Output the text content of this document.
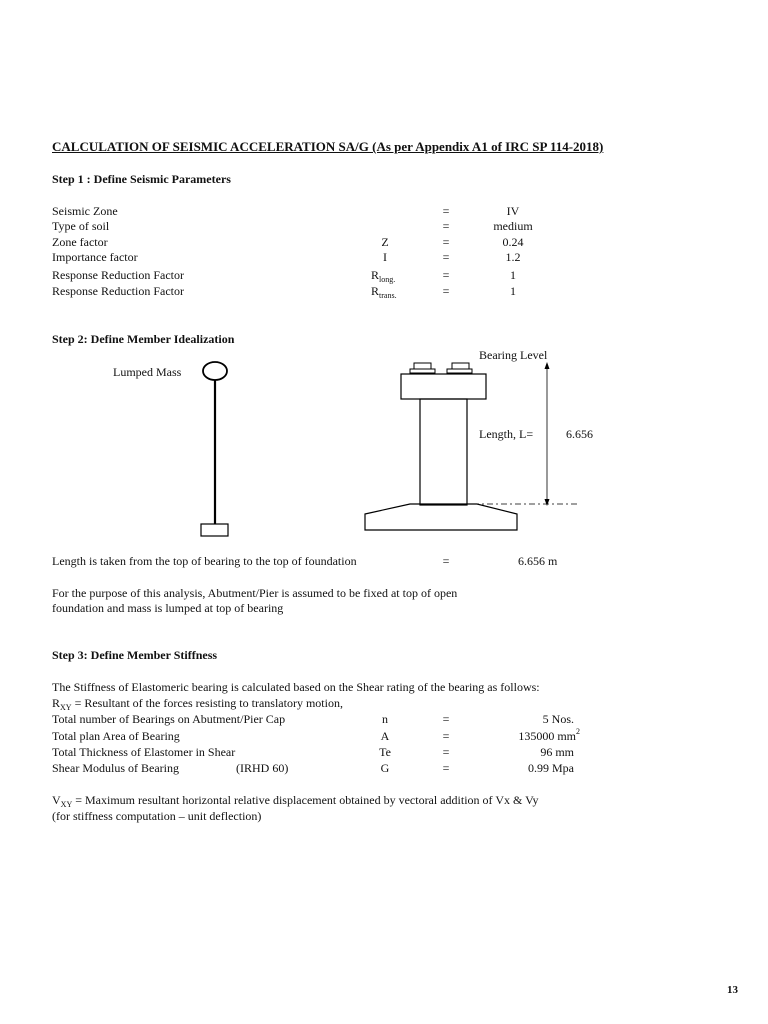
CALCULATION OF SEISMIC ACCELERATION SA/G (As per Appendix A1 of IRC SP 114-2018)
Step 1 : Define Seismic Parameters
Seismic Zone	=	IV
Type of soil	=	medium
Zone factor	Z	=	0.24
Importance factor	I	=	1.2
Response Reduction Factor	$R_{long.}$	=	1
Response Reduction Factor	$R_{trans.}$	=	1
Step 2: Define Member Idealization
Lumped Mass
Bearing Level
Length, L=	6.656
Length is taken from the top of bearing to the top of foundation	=	6.656 m
For the purpose of this analysis, Abutment/Pier is assumed to be fixed at top of open
foundation and mass is lumped at top of bearing
Step 3: Define Member Stiffness
The Stiffness of Elastomeric bearing is calculated based on the Shear rating of the bearing as follows:
$R_{XY}$ = Resultant of the forces resisting to translatory motion,
Total number of Bearings on Abutment/Pier Cap	n	=	5 Nos.
Total plan Area of Bearing	A	=	135000 $mm^2$
Total Thickness of Elastomer in Shear	Te	=	96 mm
Shear Modulus of Bearing	(IRHD 60)	G	=	0.99 Mpa
$V_{XY}$ = Maximum resultant horizontal relative displacement obtained by vectoral addition of Vx & Vy
(for stiffness computation – unit deflection)
13
